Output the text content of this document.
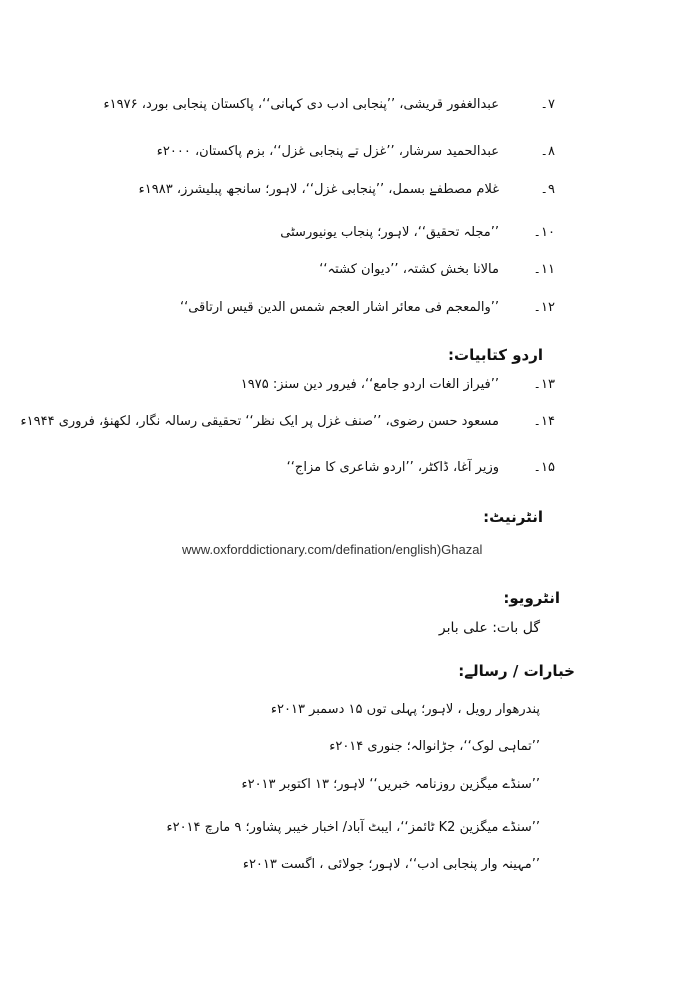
۷۔
عبدالغفور قریشی، ’’پنجابی ادب دی کہانی‘‘، پاکستان پنجابی بورد، ۱۹۷۶ء
۸۔
عبدالحمید سرشار، ’’غزل تے پنجابی غزل‘‘، بزم پاکستان، ۲۰۰۰ء
۹۔
غلام مصطفےٰ بسمل، ’’پنجابی غزل‘‘، لاہور؛ سانجھ پبلیشرز، ۱۹۸۳ء
۱۰۔
’’مجلہ تحقیق‘‘، لاہور؛ پنجاب یونیورسٹی
۱۱۔
مالانا بخش کشتہ، ’’دیوان کشتہ‘‘
۱۲۔
’’والمعجم فی معائر اشار العجم شمس الدین قیس ارتاقی‘‘
اردو کتابیات:
۱۳۔
’’فیراز الغات اردو جامع‘‘، فیرور دین سنز: ۱۹۷۵
۱۴۔
مسعود حسن رضوی، ’’صنف غزل پر ایک نظر‘‘ تحقیقی رسالہ نگار، لکھنؤ، فروری ۱۹۴۴ء
۱۵۔
وزیر آغا، ڈاکٹر، ’’اردو شاعری کا مزاج‘‘
انٹرنیٹ:
www.oxforddictionary.com/defination/english)Ghazal
انٹرویو:
گل بات: علی بابر
خبارات / رسالے:
پندرھوار رویل ، لاہور؛ پہلی توں ۱۵ دسمبر ۲۰۱۳ء
’’تماہی لوک‘‘، جڑانوالہ؛ جنوری ۲۰۱۴ء
’’سنڈے میگزین روزنامہ خبریں‘‘ لاہور؛ ۱۳ اکتوبر ۲۰۱۳ء
’’سنڈے میگزین K2 ٹائمز‘‘، ایبٹ آباد/ اخبار خیبر پشاور؛ ۹ مارچ ۲۰۱۴ء
’’مہینہ وار پنجابی ادب‘‘، لاہور؛ جولائی ، اگست ۲۰۱۳ء
